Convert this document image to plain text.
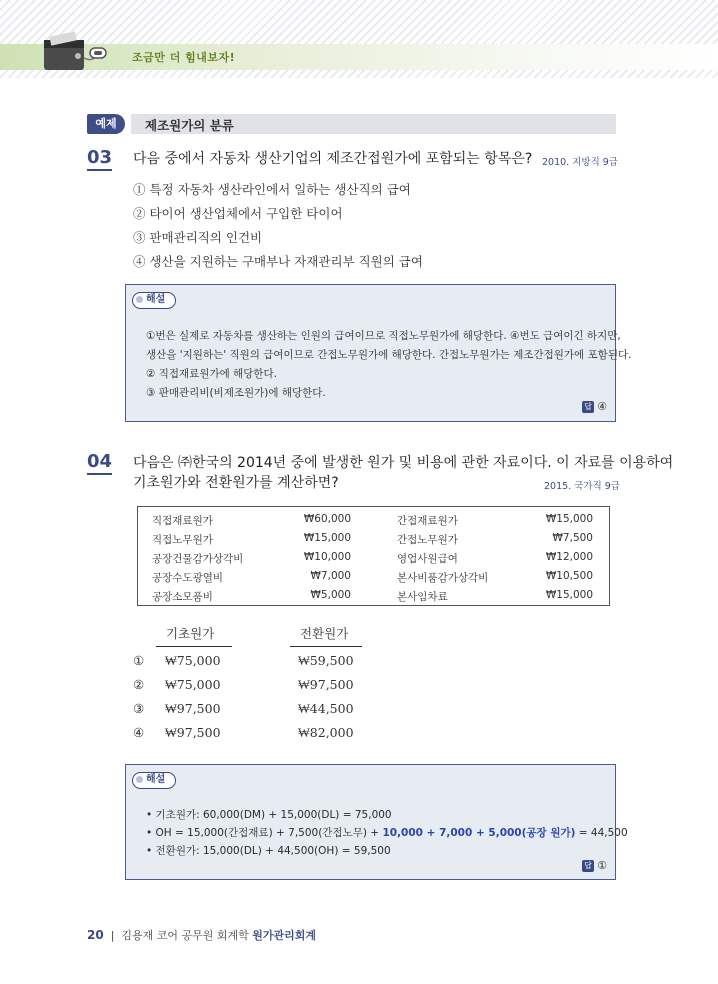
조금만 더 힘내보자!
예제	제조원가의 분류
03 다음 중에서 자동차 생산기업의 제조간접원가에 포함되는 항목은? 2010. 지방직 9급
① 특정 자동차 생산라인에서 일하는 생산직의 급여
② 타이어 생산업체에서 구입한 타이어
③ 판매관리직의 인건비
④ 생산을 지원하는 구매부나 자재관리부 직원의 급여
해설
①번은 실제로 자동차를 생산하는 인원의 급여이므로 직접노무원가에 해당한다. ④번도 급여이긴 하지만,
생산을 '지원하는' 직원의 급여이므로 간접노무원가에 해당한다. 간접노무원가는 제조간접원가에 포함된다.
② 직접재료원가에 해당한다.
③ 판매관리비(비제조원가)에 해당한다.
답 ④
04 다음은 ㈜한국의 2014년 중에 발생한 원가 및 비용에 관한 자료이다. 이 자료를 이용하여
기초원가와 전환원가를 계산하면?	2015. 국가직 9급
직접재료원가	₩60,000	간접재료원가	₩15,000
직접노무원가	₩15,000	간접노무원가	₩7,500
공장건물감가상각비	₩10,000	영업사원급여	₩12,000
공장수도광열비	₩7,000	본사비품감가상각비	₩10,500
공장소모품비	₩5,000	본사임차료	₩15,000
기초원가	전환원가
① ₩75,000	₩59,500
② ₩75,000	₩97,500
③ ₩97,500	₩44,500
④ ₩97,500	₩82,000
해설
• 기초원가: 60,000(DM) + 15,000(DL) = 75,000
• OH = 15,000(간접재료) + 7,500(간접노무) + 10,000 + 7,000 + 5,000(공장 원가) = 44,500
• 전환원가: 15,000(DL) + 44,500(OH) = 59,500
답 ①
20  |  김용재 코어 공무원 회계학 원가관리회계
